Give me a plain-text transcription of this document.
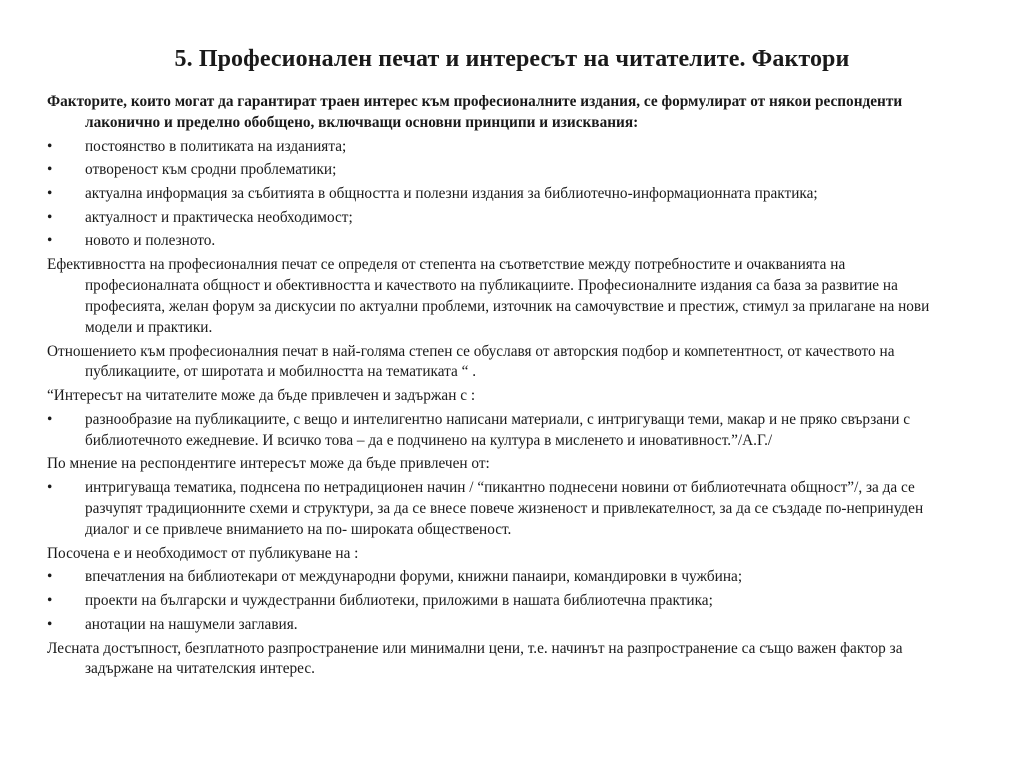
5. Професионален печат и интересът на читателите. Фактори
Факторите, които могат да гарантират траен интерес към професионалните издания, се формулират от някои респонденти лаконично и пределно обобщено, включващи основни принципи и изисквания:
•	постоянство в политиката на изданията;
•	отвореност към сродни проблематики;
•	актуална информация за събитията в общността и полезни издания за библиотечно-информационната практика;
•	актуалност и практическа необходимост;
•	новото и полезното.
Ефективността на професионалния печат се определя от степента на съответствие между потребностите и очакванията на професионалната общност и обективността и качеството на публикациите. Професионалните издания са база за развитие на професията, желан форум за дискусии по актуални проблеми, източник на самочувствие и престиж, стимул за прилагане на нови модели и практики.
Отношението към професионалния печат в най-голяма степен се обуславя от авторския подбор и компетентност, от качеството на публикациите, от широтата и мобилността на тематиката “ .
“Интересът на читателите може да бъде привлечен и задържан с :
•	разнообразие на публикациите, с вещо и интелигентно написани материали, с интригуващи теми, макар и не пряко свързани с библиотечното ежедневие. И всичко това – да е подчинено на култура в мисленето и иновативност.”/А.Г./
По мнение на респондентиге интересът може да бъде привлечен от:
•	интригуваща тематика, поднсена по нетрадиционен начин / “пикантно поднесени новини от библиотечната общност”/, за да се разчупят традиционните схеми и структури, за да се внесе повече жизненост и привлекателност, за да се създаде по-непринуден диалог и се привлече вниманието на по- широката общественост.
Посочена е и необходимост от публикуване на :
•	впечатления на библиотекари от международни форуми, книжни панаири, командировки в чужбина;
•	проекти на български и чуждестранни библиотеки, приложими в нашата библиотечна практика;
•	анотации на нашумели заглавия.
Лесната достъпност, безплатното разпространение или минимални цени, т.е. начинът на разпространение са също важен фактор за задържане на читателския интерес.
